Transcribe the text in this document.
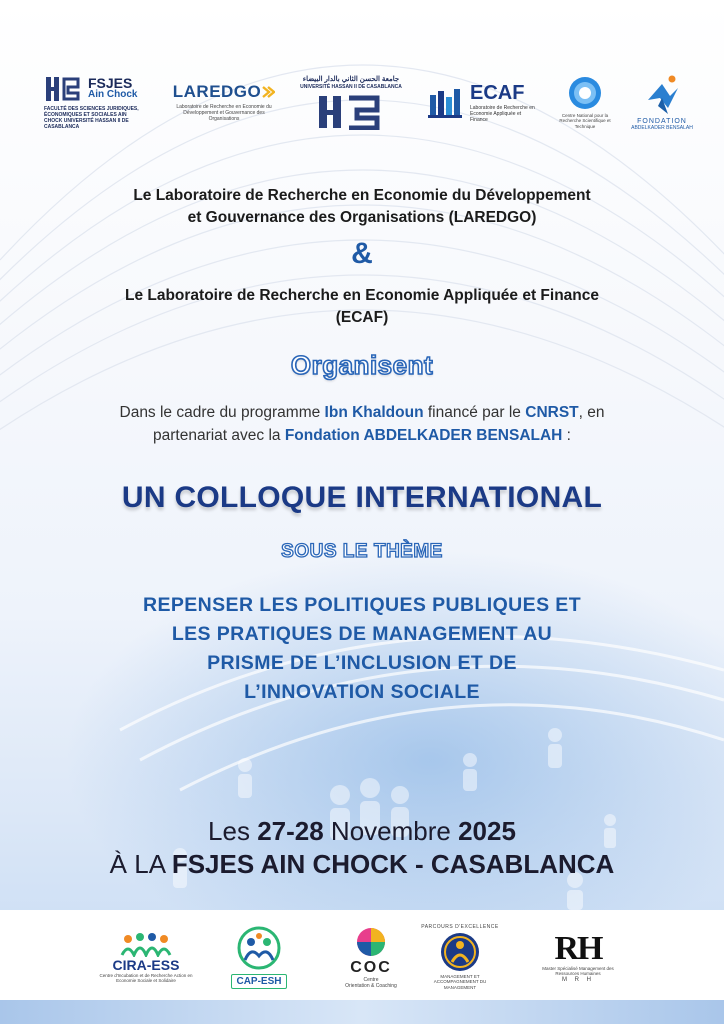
FSJES
Ain Chock
FACULTÉ DES SCIENCES JURIDIQUES, ÉCONOMIQUES ET SOCIALES AIN CHOCK UNIVERSITÉ HASSAN II DE CASABLANCA
LAREDGO
Laboratoire de Recherche en Economie du Développement et Gouvernance des Organisations
جامعة الحسن الثاني بالدار البيضاء
UNIVERSITÉ HASSAN II DE CASABLANCA	ECAF
Laboratoire de Recherche en Economie Appliquée et Finance
Centre National pour la Recherche Scientifique et Technique
FONDATION
ABDELKADER BENSALAH
Le Laboratoire de Recherche en Economie du Développement
et Gouvernance des Organisations (LAREDGO)
&
Le Laboratoire de Recherche en Economie Appliquée et Finance
(ECAF)
Organisent
Dans le cadre du programme Ibn Khaldoun financé par le CNRST, en
partenariat avec la Fondation ABDELKADER BENSALAH :
UN COLLOQUE INTERNATIONAL
SOUS LE THÈME
REPENSER LES POLITIQUES PUBLIQUES ET
LES PRATIQUES DE MANAGEMENT AU
PRISME DE L’INCLUSION ET DE
L’INNOVATION SOCIALE
Les 27-28 Novembre 2025
À LA FSJES AIN CHOCK - CASABLANCA
CIRA-ESS
Centre d'Incubation et de Recherche Action en Economie Sociale et Solidaire	CAP-ESH
COC
Centre
Orientation & Coaching
PARCOURS D'EXCELLENCE
MANAGEMENT ET ACCOMPAGNEMENT DU MANAGEMENT
RH
Master Spécialisé Management des Ressources Humaines
M R H
